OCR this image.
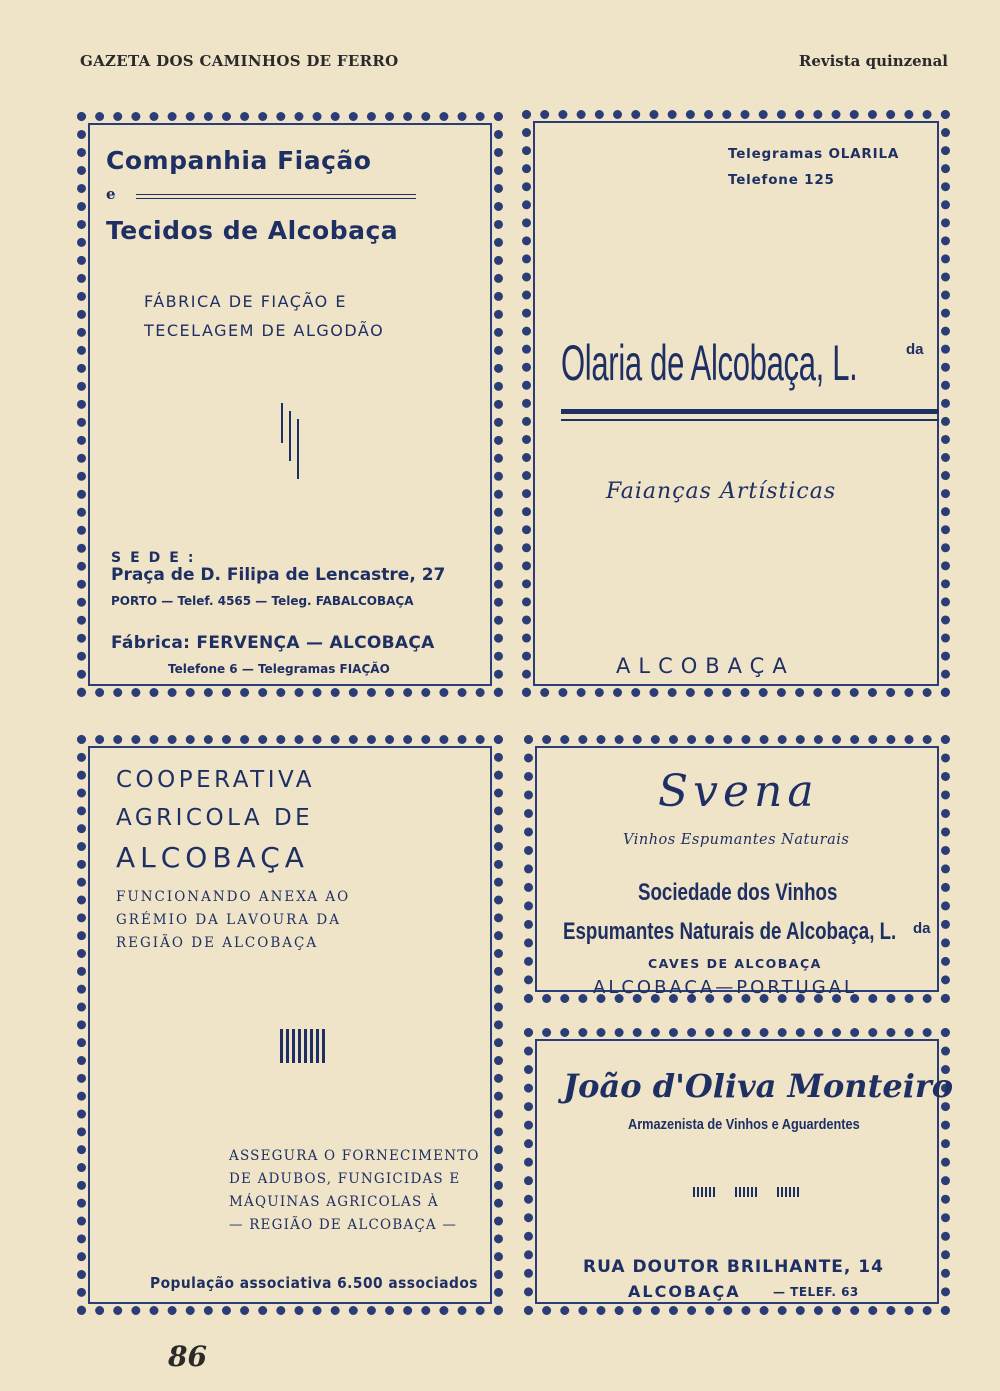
GAZETA DOS CAMINHOS DE FERRO	Revista quinzenal
Companhia Fiação
e
Tecidos de Alcobaça
FÁBRICA DE FIAÇÃO E
TECELAGEM DE ALGODÃO
SEDE:
Praça de D. Filipa de Lencastre, 27
PORTO — Telef. 4565 — Teleg. FABALCOBAÇA
Fábrica: FERVENÇA — ALCOBAÇA
Telefone 6 — Telegramas FIAÇÃO
Telegramas OLARILA
Telefone 125
Olaria de Alcobaça, L.	da
Faianças Artísticas
ALCOBAÇA
COOPERATIVA
AGRICOLA DE
ALCOBAÇA
FUNCIONANDO ANEXA AO
GRÉMIO DA LAVOURA DA
REGIÃO DE ALCOBAÇA
ASSEGURA O FORNECIMENTO
DE ADUBOS, FUNGICIDAS E
MÁQUINAS AGRICOLAS À
— REGIÃO DE ALCOBAÇA —
População associativa 6.500 associados
Svena
Vinhos Espumantes Naturais
Sociedade dos Vinhos
Espumantes Naturais de Alcobaça, L. da
CAVES DE ALCOBAÇA
ALCOBAÇA—PORTUGAL
João d'Oliva Monteiro
Armazenista de Vinhos e Aguardentes
RUA DOUTOR BRILHANTE, 14
ALCOBAÇA	— TELEF. 63
86
